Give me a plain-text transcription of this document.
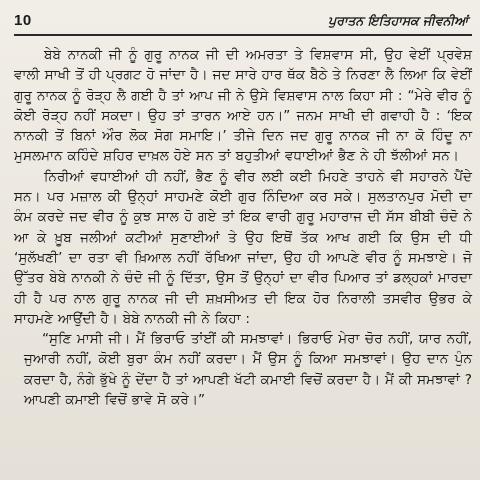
10	ਪੁਰਾਤਨ ਇਤਿਹਾਸਕ ਜੀਵਨੀਆਂ

ਬੇਬੇ ਨਾਨਕੀ ਜੀ ਨੂੰ ਗੁਰੂ ਨਾਨਕ ਜੀ ਦੀ ਅਮਰਤਾ ਤੇ ਵਿਸ਼ਵਾਸ ਸੀ, ਉਹ ਵੇਈਂ ਪ੍ਰਵੇਸ਼ ਵਾਲੀ ਸਾਖੀ ਤੋਂ ਹੀ ਪ੍ਰਗਟ ਹੋ ਜਾਂਦਾ ਹੈ। ਜਦ ਸਾਰੇ ਹਾਰ ਥੱਕ ਬੈਠੇ ਤੇ ਨਿਰਣਾ ਲੈ ਲਿਆ ਕਿ ਵੇਈਂ ਗੁਰੂ ਨਾਨਕ ਨੂੰ ਰੋੜ੍ਹ ਲੈ ਗਈ ਹੈ ਤਾਂ ਆਪ ਜੀ ਨੇ ਉਸੇ ਵਿਸ਼ਵਾਸ ਨਾਲ ਕਿਹਾ ਸੀ : “ਮੇਰੇ ਵੀਰ ਨੂੰ ਕੋਈ ਰੋੜ੍ਹ ਨਹੀਂ ਸਕਦਾ। ਉਹ ਤਾਂ ਤਾਰਨ ਆਏ ਹਨ।” ਜਨਮ ਸਾਖੀ ਦੀ ਗਵਾਹੀ ਹੈ : ‘ਇਕ ਨਾਨਕੀ ਤੋਂ ਬਿਨਾਂ ਔਰ ਲੋਕ ਸੋਗ ਸਮਾਇ।’ ਤੀਜੇ ਦਿਨ ਜਦ ਗੁਰੂ ਨਾਨਕ ਜੀ ਨਾ ਕੋ ਹਿੰਦੂ ਨਾ ਮੁਸਲਮਾਨ ਕਹਿੰਦੇ ਸ਼ਹਿਰ ਦਾਖ਼ਲ ਹੋਏ ਸਨ ਤਾਂ ਬਹੁਤੀਆਂ ਵਧਾਈਆਂ ਭੈਣ ਨੇ ਹੀ ਝੱਲੀਆਂ ਸਨ।

ਨਿਰੀਆਂ ਵਧਾਈਆਂ ਹੀ ਨਹੀਂ, ਭੈਣ ਨੂੰ ਵੀਰ ਲਈ ਕਈ ਮਿਹਣੇ ਤਾਹਨੇ ਵੀ ਸਹਾਰਨੇ ਪੈਂਦੇ ਸਨ। ਪਰ ਮਜ਼ਾਲ ਕੀ ਉਨ੍ਹਾਂ ਸਾਹਮਣੇ ਕੋਈ ਗੁਰ ਨਿੰਦਿਆ ਕਰ ਸਕੇ। ਸੁਲਤਾਨਪੁਰ ਮੋਦੀ ਦਾ ਕੰਮ ਕਰਦੇ ਜਦ ਵੀਰ ਨੂੰ ਕੁਝ ਸਾਲ ਹੋ ਗਏ ਤਾਂ ਇਕ ਵਾਰੀ ਗੁਰੂ ਮਹਾਰਾਜ ਦੀ ਸੱਸ ਬੀਬੀ ਚੰਦੋ ਨੇ ਆ ਕੇ ਖ਼ੂਬ ਜਲੀਆਂ ਕਟੀਆਂ ਸੁਣਾਈਆਂ ਤੇ ਉਹ ਇਥੋਂ ਤੱਕ ਆਖ ਗਈ ਕਿ ਉਸ ਦੀ ਧੀ ‘ਸੁਲੱਖਣੀ’ ਦਾ ਰਤਾ ਵੀ ਖ਼ਿਆਲ ਨਹੀਂ ਰੱਖਿਆ ਜਾਂਦਾ, ਉਹ ਹੀ ਆਪਣੇ ਵੀਰ ਨੂੰ ਸਮਝਾਏ। ਜੋ ਉੱਤਰ ਬੇਬੇ ਨਾਨਕੀ ਨੇ ਚੰਦੋ ਜੀ ਨੂੰ ਦਿੱਤਾ, ਉਸ ਤੋਂ ਉਨ੍ਹਾਂ ਦਾ ਵੀਰ ਪਿਆਰ ਤਾਂ ਡਲ੍ਹਕਾਂ ਮਾਰਦਾ ਹੀ ਹੈ ਪਰ ਨਾਲ ਗੁਰੂ ਨਾਨਕ ਜੀ ਦੀ ਸ਼ਖ਼ਸੀਅਤ ਦੀ ਇਕ ਹੋਰ ਨਿਰਾਲੀ ਤਸਵੀਰ ਉਭਰ ਕੇ ਸਾਹਮਣੇ ਆਉਂਦੀ ਹੈ। ਬੇਬੇ ਨਾਨਕੀ ਜੀ ਨੇ ਕਿਹਾ :

“ਸੁਣਿ ਮਾਸੀ ਜੀ। ਮੈਂ ਭਿਰਾਓ ਤਾਂਈਂ ਕੀ ਸਮਝਾਵਾਂ। ਭਿਰਾਓ ਮੇਰਾ ਚੋਰ ਨਹੀਂ, ਯਾਰ ਨਹੀਂ, ਜੁਆਰੀ ਨਹੀਂ, ਕੋਈ ਬੁਰਾ ਕੰਮ ਨਹੀਂ ਕਰਦਾ। ਮੈਂ ਉਸ ਨੂੰ ਕਿਆ ਸਮਝਾਵਾਂ। ਉਹ ਦਾਨ ਪੁੰਨ ਕਰਦਾ ਹੈ, ਨੰਗੇ ਭੁੱਖੇ ਨੂੰ ਦੇਂਦਾ ਹੈ ਤਾਂ ਆਪਣੀ ਖੱਟੀ ਕਮਾਈ ਵਿਚੋਂ ਕਰਦਾ ਹੈ। ਮੈਂ ਕੀ ਸਮਝਾਵਾਂ ? ਆਪਣੀ ਕਮਾਈ ਵਿਚੋਂ ਭਾਵੇ ਸੋ ਕਰੇ।”
